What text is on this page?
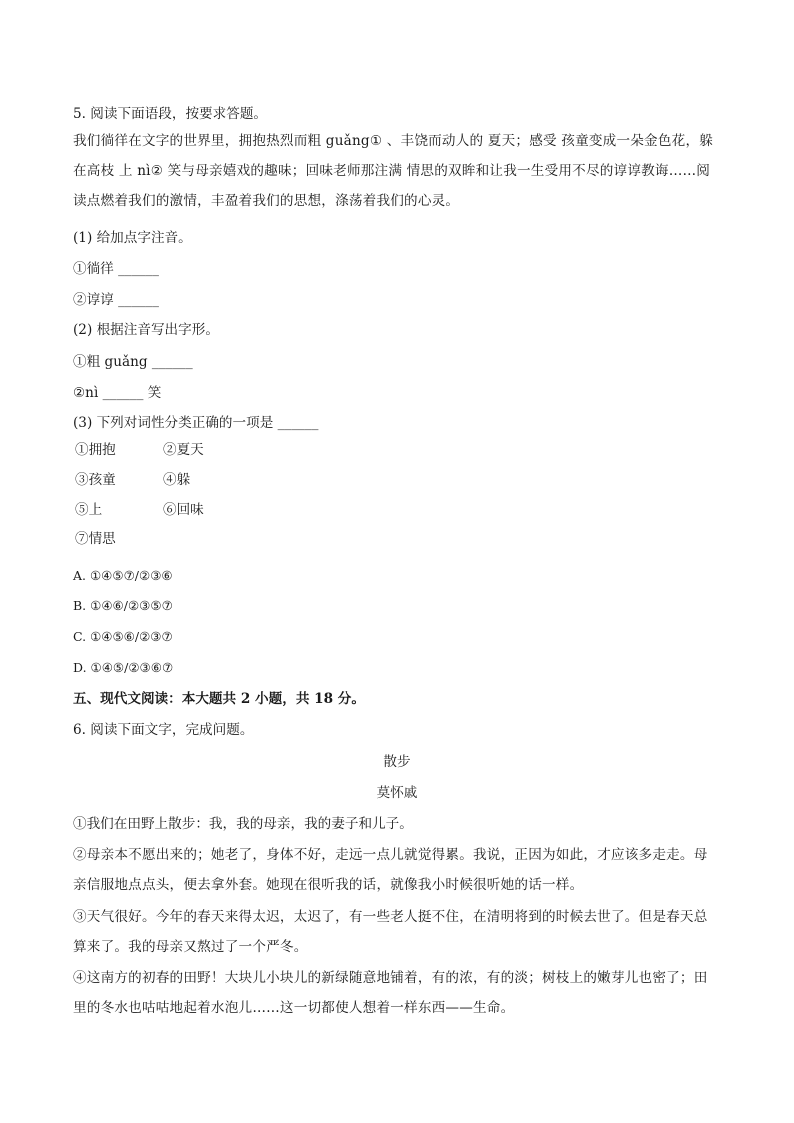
5. 阅读下面语段，按要求答题。
我们徜徉在文字的世界里，拥抱热烈而粗 guǎng① 、丰饶而动人的 夏天；感受 孩童变成一朵金色花，躲在高枝 上 nì② 笑与母亲嬉戏的趣味；回味老师那注满 情思的双眸和让我一生受用不尽的谆谆教诲……阅读点燃着我们的激情，丰盈着我们的思想，涤荡着我们的心灵。
(1) 给加点字注音。
①徜徉 ______
②谆谆 ______
(2) 根据注音写出字形。
①粗 guǎng ______
②nì ______ 笑
(3) 下列对词性分类正确的一项是 ______
①拥抱	②夏天
③孩童	④躲
⑤上	⑥回味
⑦情思
A. ①④⑤⑦/②③⑥
B. ①④⑥/②③⑤⑦
C. ①④⑤⑥/②③⑦
D. ①④⑤/②③⑥⑦
五、现代文阅读：本大题共 2 小题，共 18 分。
6. 阅读下面文字，完成问题。
散步
莫怀戚
①我们在田野上散步：我，我的母亲，我的妻子和儿子。
②母亲本不愿出来的；她老了，身体不好，走远一点儿就觉得累。我说，正因为如此，才应该多走走。母亲信服地点点头，便去拿外套。她现在很听我的话，就像我小时候很听她的话一样。
③天气很好。今年的春天来得太迟，太迟了，有一些老人挺不住，在清明将到的时候去世了。但是春天总算来了。我的母亲又熬过了一个严冬。
④这南方的初春的田野！大块儿小块儿的新绿随意地铺着，有的浓，有的淡；树枝上的嫩芽儿也密了；田里的冬水也咕咕地起着水泡儿……这一切都使人想着一样东西——生命。
